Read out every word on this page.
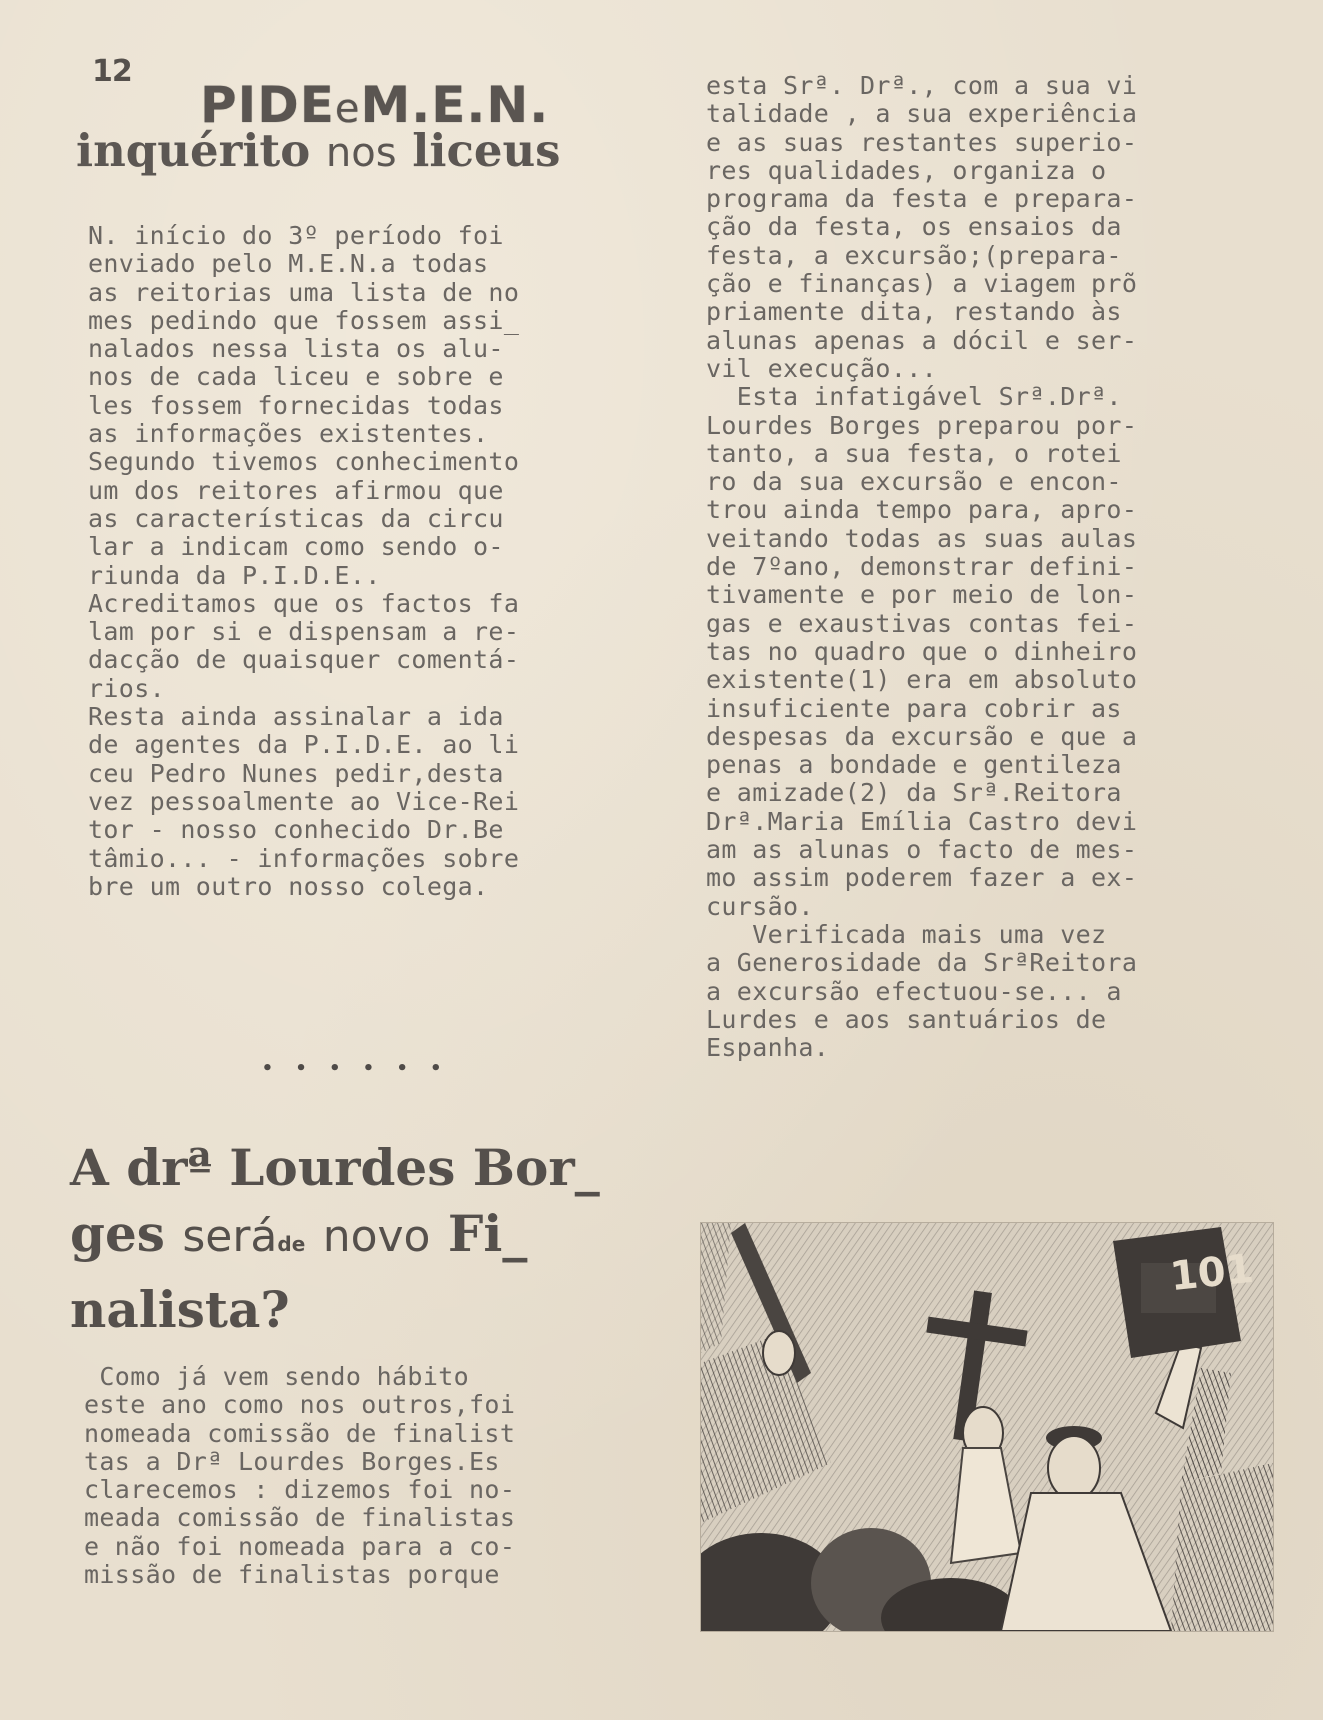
12
PIDEeM.E.N.
inquérito nos liceus

N. início do 3º período foi
enviado pelo M.E.N.a todas
as reitorias uma lista de no
mes pedindo que fossem assi_
nalados nessa lista os alu-
nos de cada liceu e sobre e
les fossem fornecidas todas
as informações existentes.
Segundo tivemos conhecimento
um dos reitores afirmou que
as características da circu
lar a indicam como sendo o-
riunda da P.I.D.E..
Acreditamos que os factos fa
lam por si e dispensam a re-
dacção de quaisquer comentá-
rios.
Resta ainda assinalar a ida
de agentes da P.I.D.E. ao li
ceu Pedro Nunes pedir,desta
vez pessoalmente ao Vice-Rei
tor - nosso conhecido Dr.Be
tâmio... - informações sobre
bre um outro nosso colega.

• • • • • •
A drª Lourdes Bor_
ges seráde novo Fi_
nalista?

Como já vem sendo hábito
este ano como nos outros,foi
nomeada comissão de finalist
tas a Drª Lourdes Borges.Es
clarecemos : dizemos foi no-
meada comissão de finalistas
e não foi nomeada para a co-
missão de finalistas porque

esta Srª. Drª., com a sua vi
talidade , a sua experiência
e as suas restantes superio-
res qualidades, organiza o
programa da festa e prepara-
ção da festa, os ensaios da
festa, a excursão;(prepara-
ção e finanças) a viagem prõ
priamente dita, restando às
alunas apenas a dócil e ser-
vil execução...
Esta infatigável Srª.Drª.
Lourdes Borges preparou por-
tanto, a sua festa, o rotei
ro da sua excursão e encon-
trou ainda tempo para, apro-
veitando todas as suas aulas
de 7ºano, demonstrar defini-
tivamente e por meio de lon-
gas e exaustivas contas fei-
tas no quadro que o dinheiro
existente(1) era em absoluto
insuficiente para cobrir as
despesas da excursão e que a
penas a bondade e gentileza
e amizade(2) da Srª.Reitora
Drª.Maria Emília Castro devi
am as alunas o facto de mes-
mo assim poderem fazer a ex-
cursão.
Verificada mais uma vez
a Generosidade da SrªReitora
a excursão efectuou-se... a
Lurdes e aos santuários de
Espanha.

101
